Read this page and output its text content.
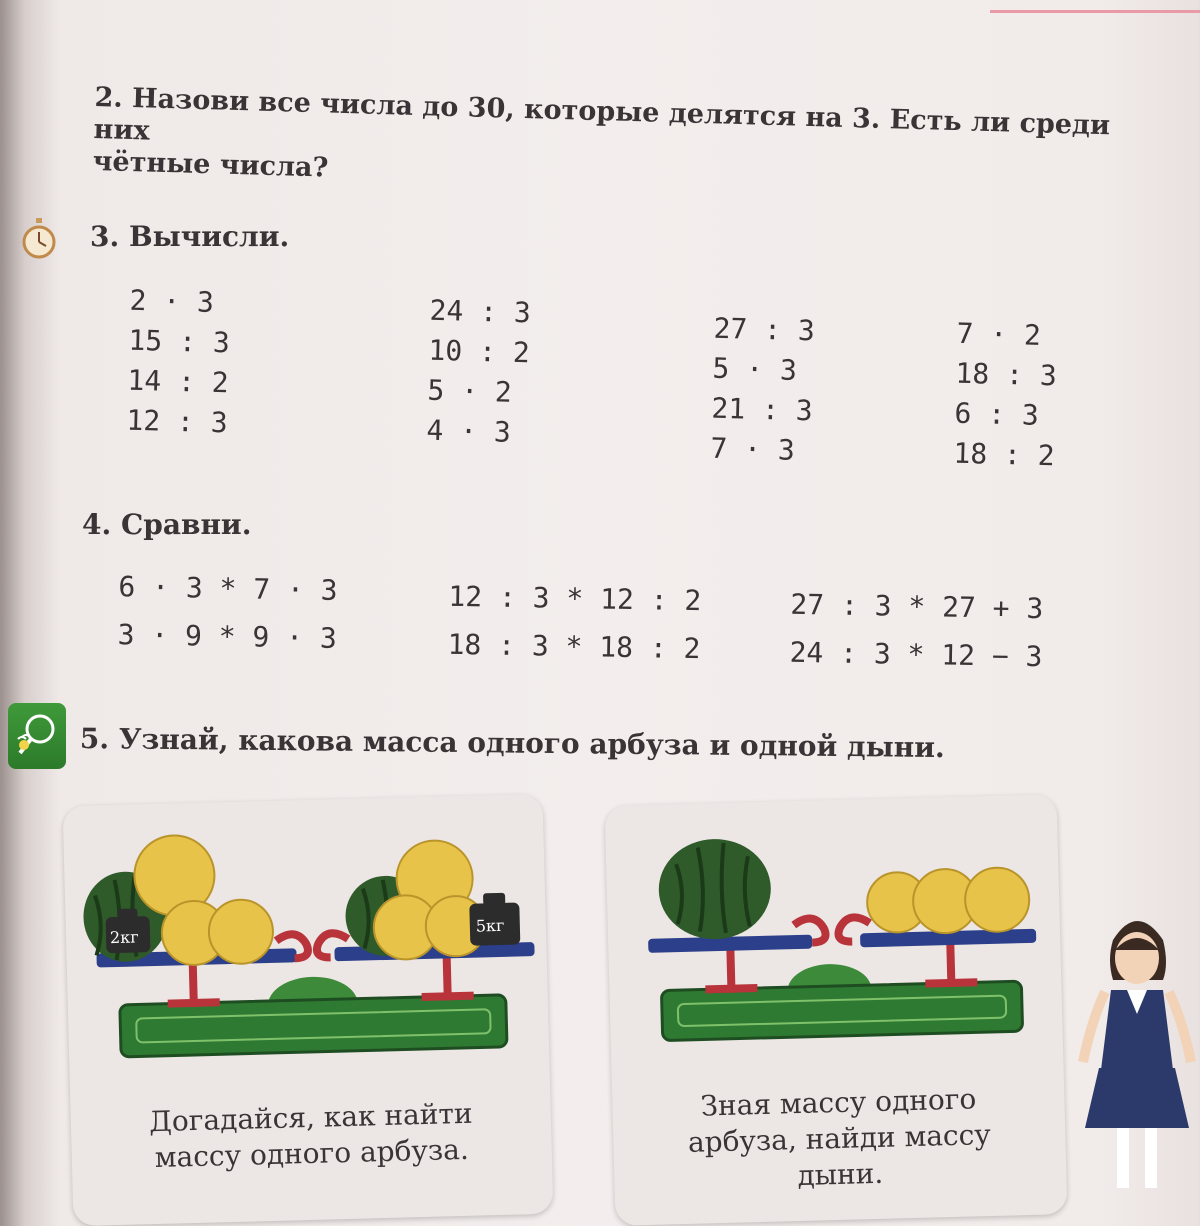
2. Назови все числа до 30, которые делятся на 3. Есть ли среди них
чётные числа?
3. Вычисли.
2 · 3
15 : 3
14 : 2
12 : 3
24 : 3
10 : 2
5 · 2
4 · 3
27 : 3
5 · 3
21 : 3
7 · 3
7 · 2
18 : 3
6 : 3
18 : 2
4. Сравни.
6 · 3 * 7 · 3
3 · 9 * 9 · 3
12 : 3 * 12 : 2
18 : 3 * 18 : 2
27 : 3 * 27 + 3
24 : 3 * 12 − 3
5. Узнай, какова масса одного арбуза и одной дыни.
2кг
5кг
Догадайся, как найти
массу одного арбуза.
Зная массу одного
арбуза, найди массу
дыни.
